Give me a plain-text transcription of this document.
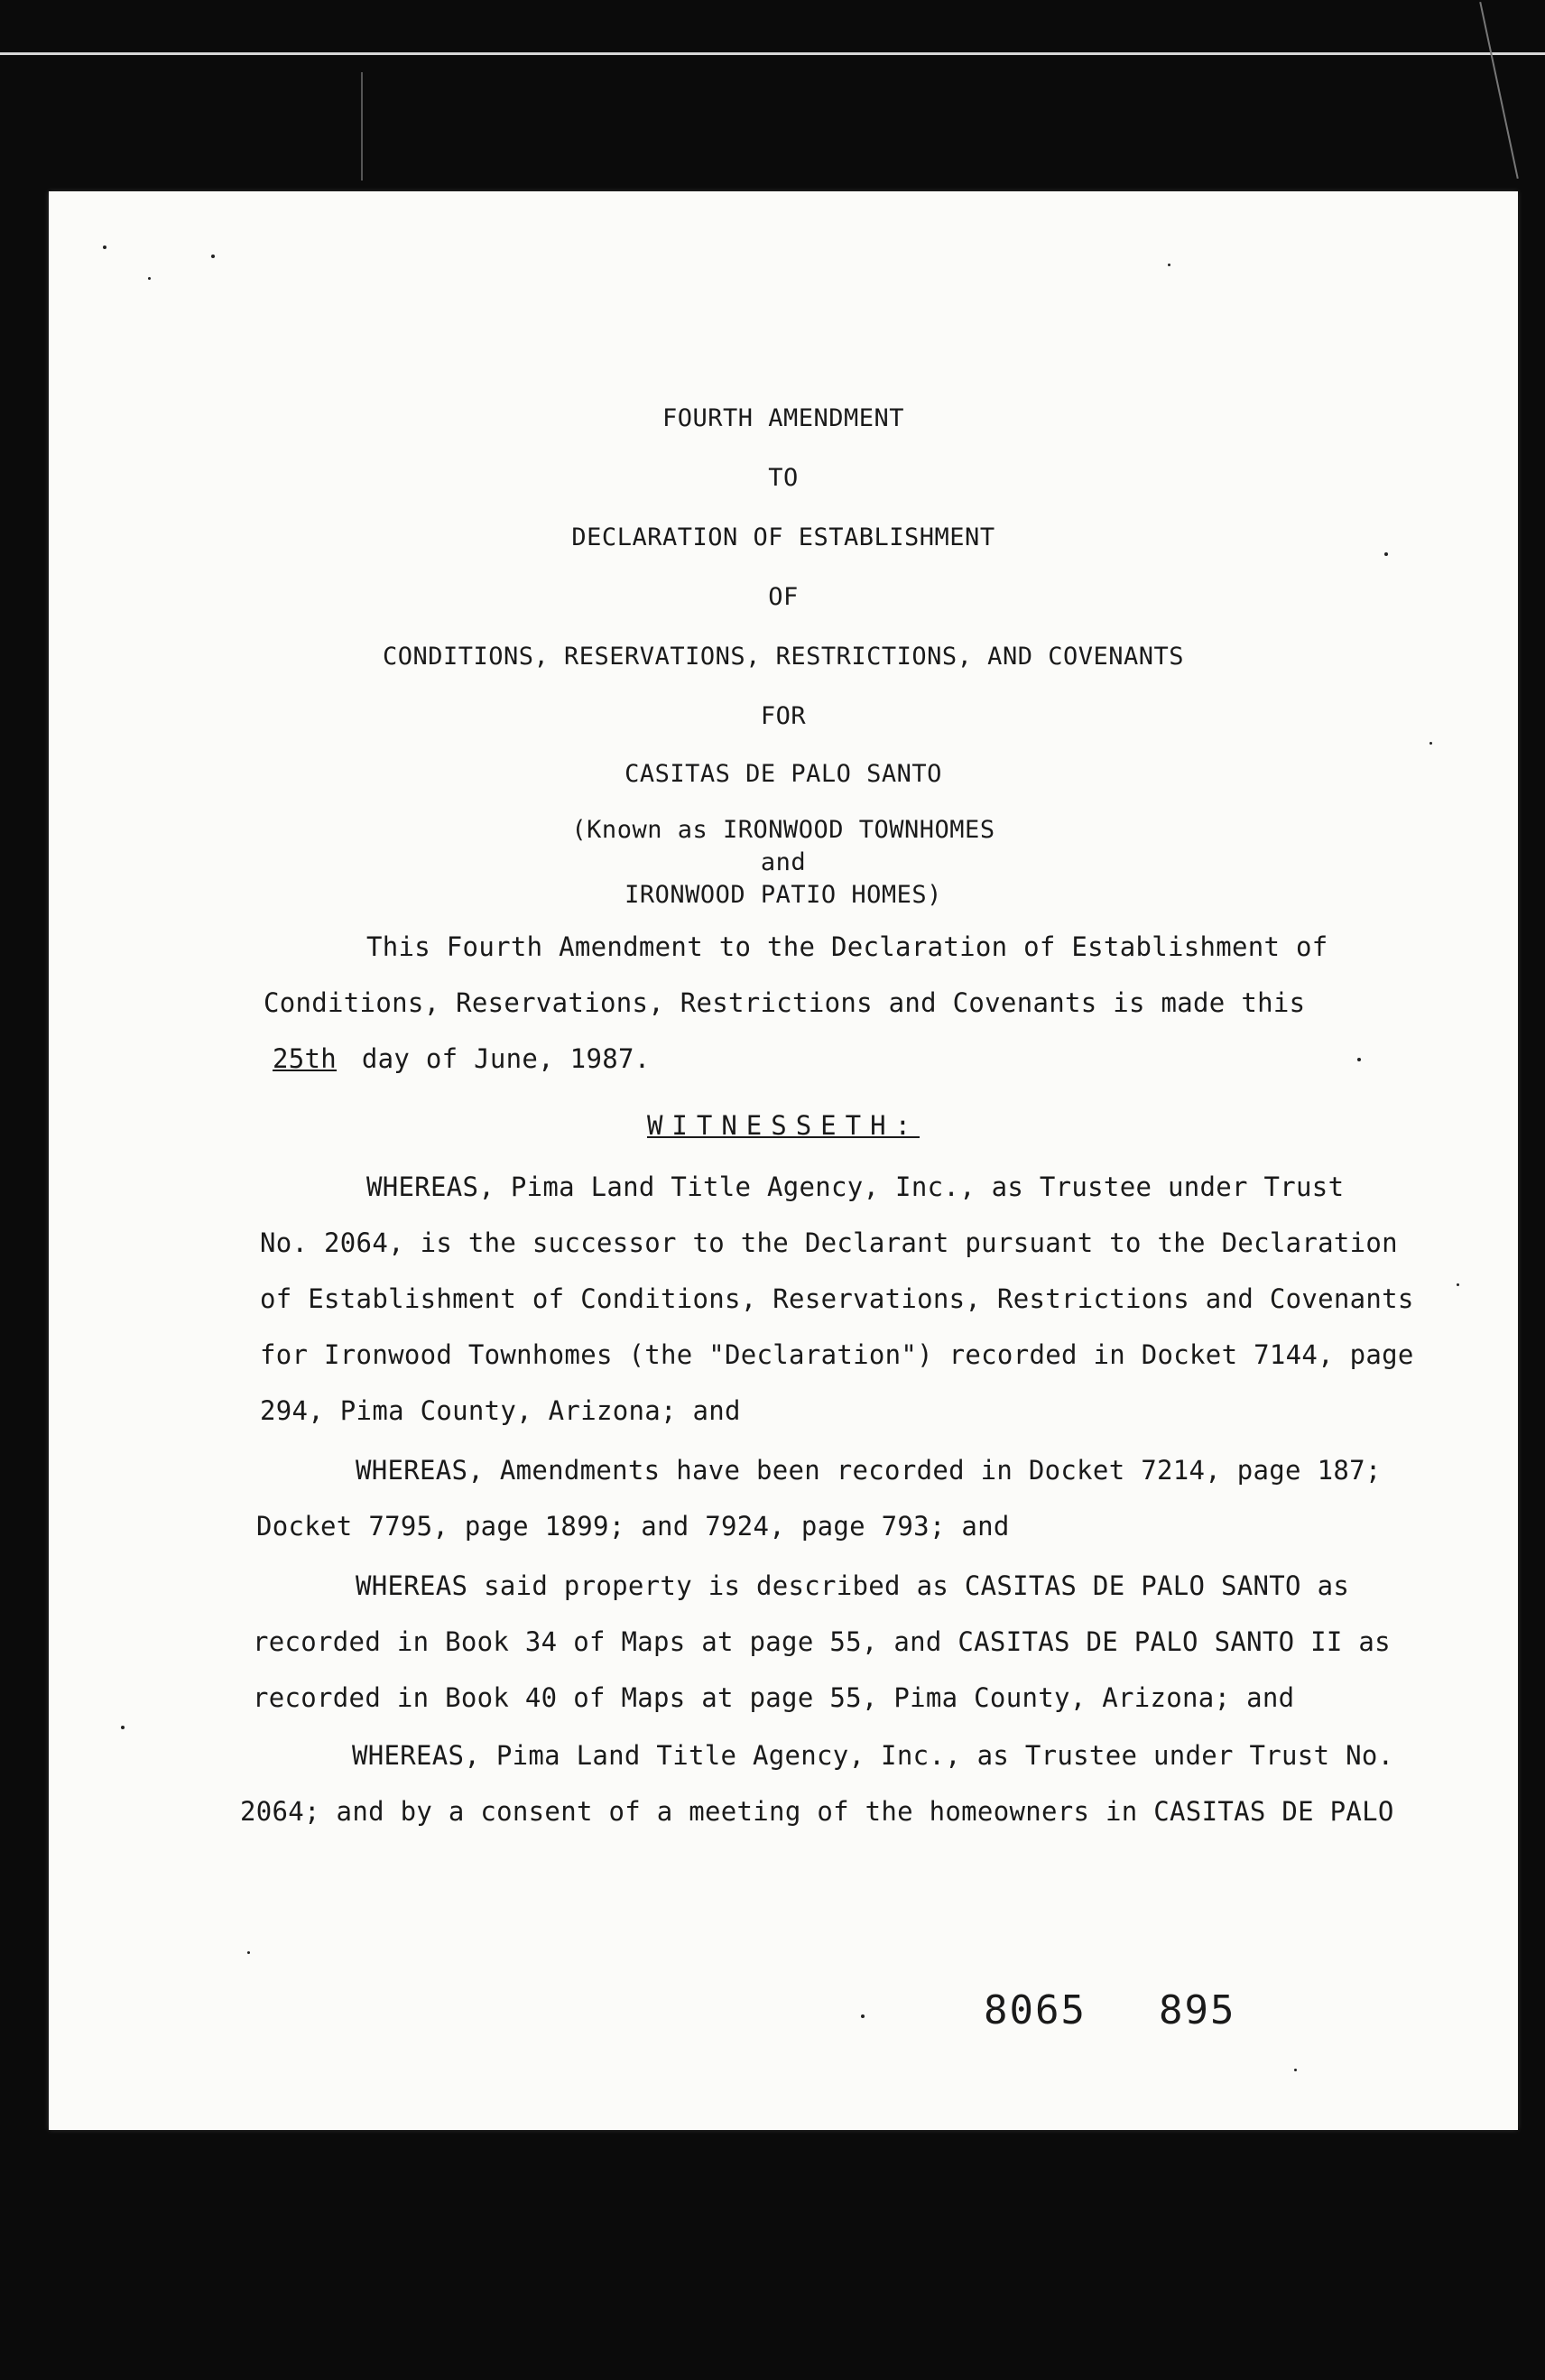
FOURTH AMENDMENT
TO
DECLARATION OF ESTABLISHMENT
OF
CONDITIONS, RESERVATIONS, RESTRICTIONS, AND COVENANTS
FOR
CASITAS DE PALO SANTO
(Known as IRONWOOD TOWNHOMES
and
IRONWOOD PATIO HOMES)
This Fourth Amendment to the Declaration of Establishment of
Conditions, Reservations, Restrictions and Covenants is made this
25th day of June, 1987.
WITNESSETH:
WHEREAS, Pima Land Title Agency, Inc., as Trustee under Trust
No. 2064, is the successor to the Declarant pursuant to the Declaration
of Establishment of Conditions, Reservations, Restrictions and Covenants
for Ironwood Townhomes (the "Declaration") recorded in Docket 7144, page
294, Pima County, Arizona; and
WHEREAS, Amendments have been recorded in Docket 7214, page 187;
Docket 7795, page 1899; and 7924, page 793; and
WHEREAS said property is described as CASITAS DE PALO SANTO as
recorded in Book 34 of Maps at page 55, and CASITAS DE PALO SANTO II as
recorded in Book 40 of Maps at page 55, Pima County, Arizona; and
WHEREAS, Pima Land Title Agency, Inc., as Trustee under Trust No.
2064; and by a consent of a meeting of the homeowners in CASITAS DE PALO
8065 895
